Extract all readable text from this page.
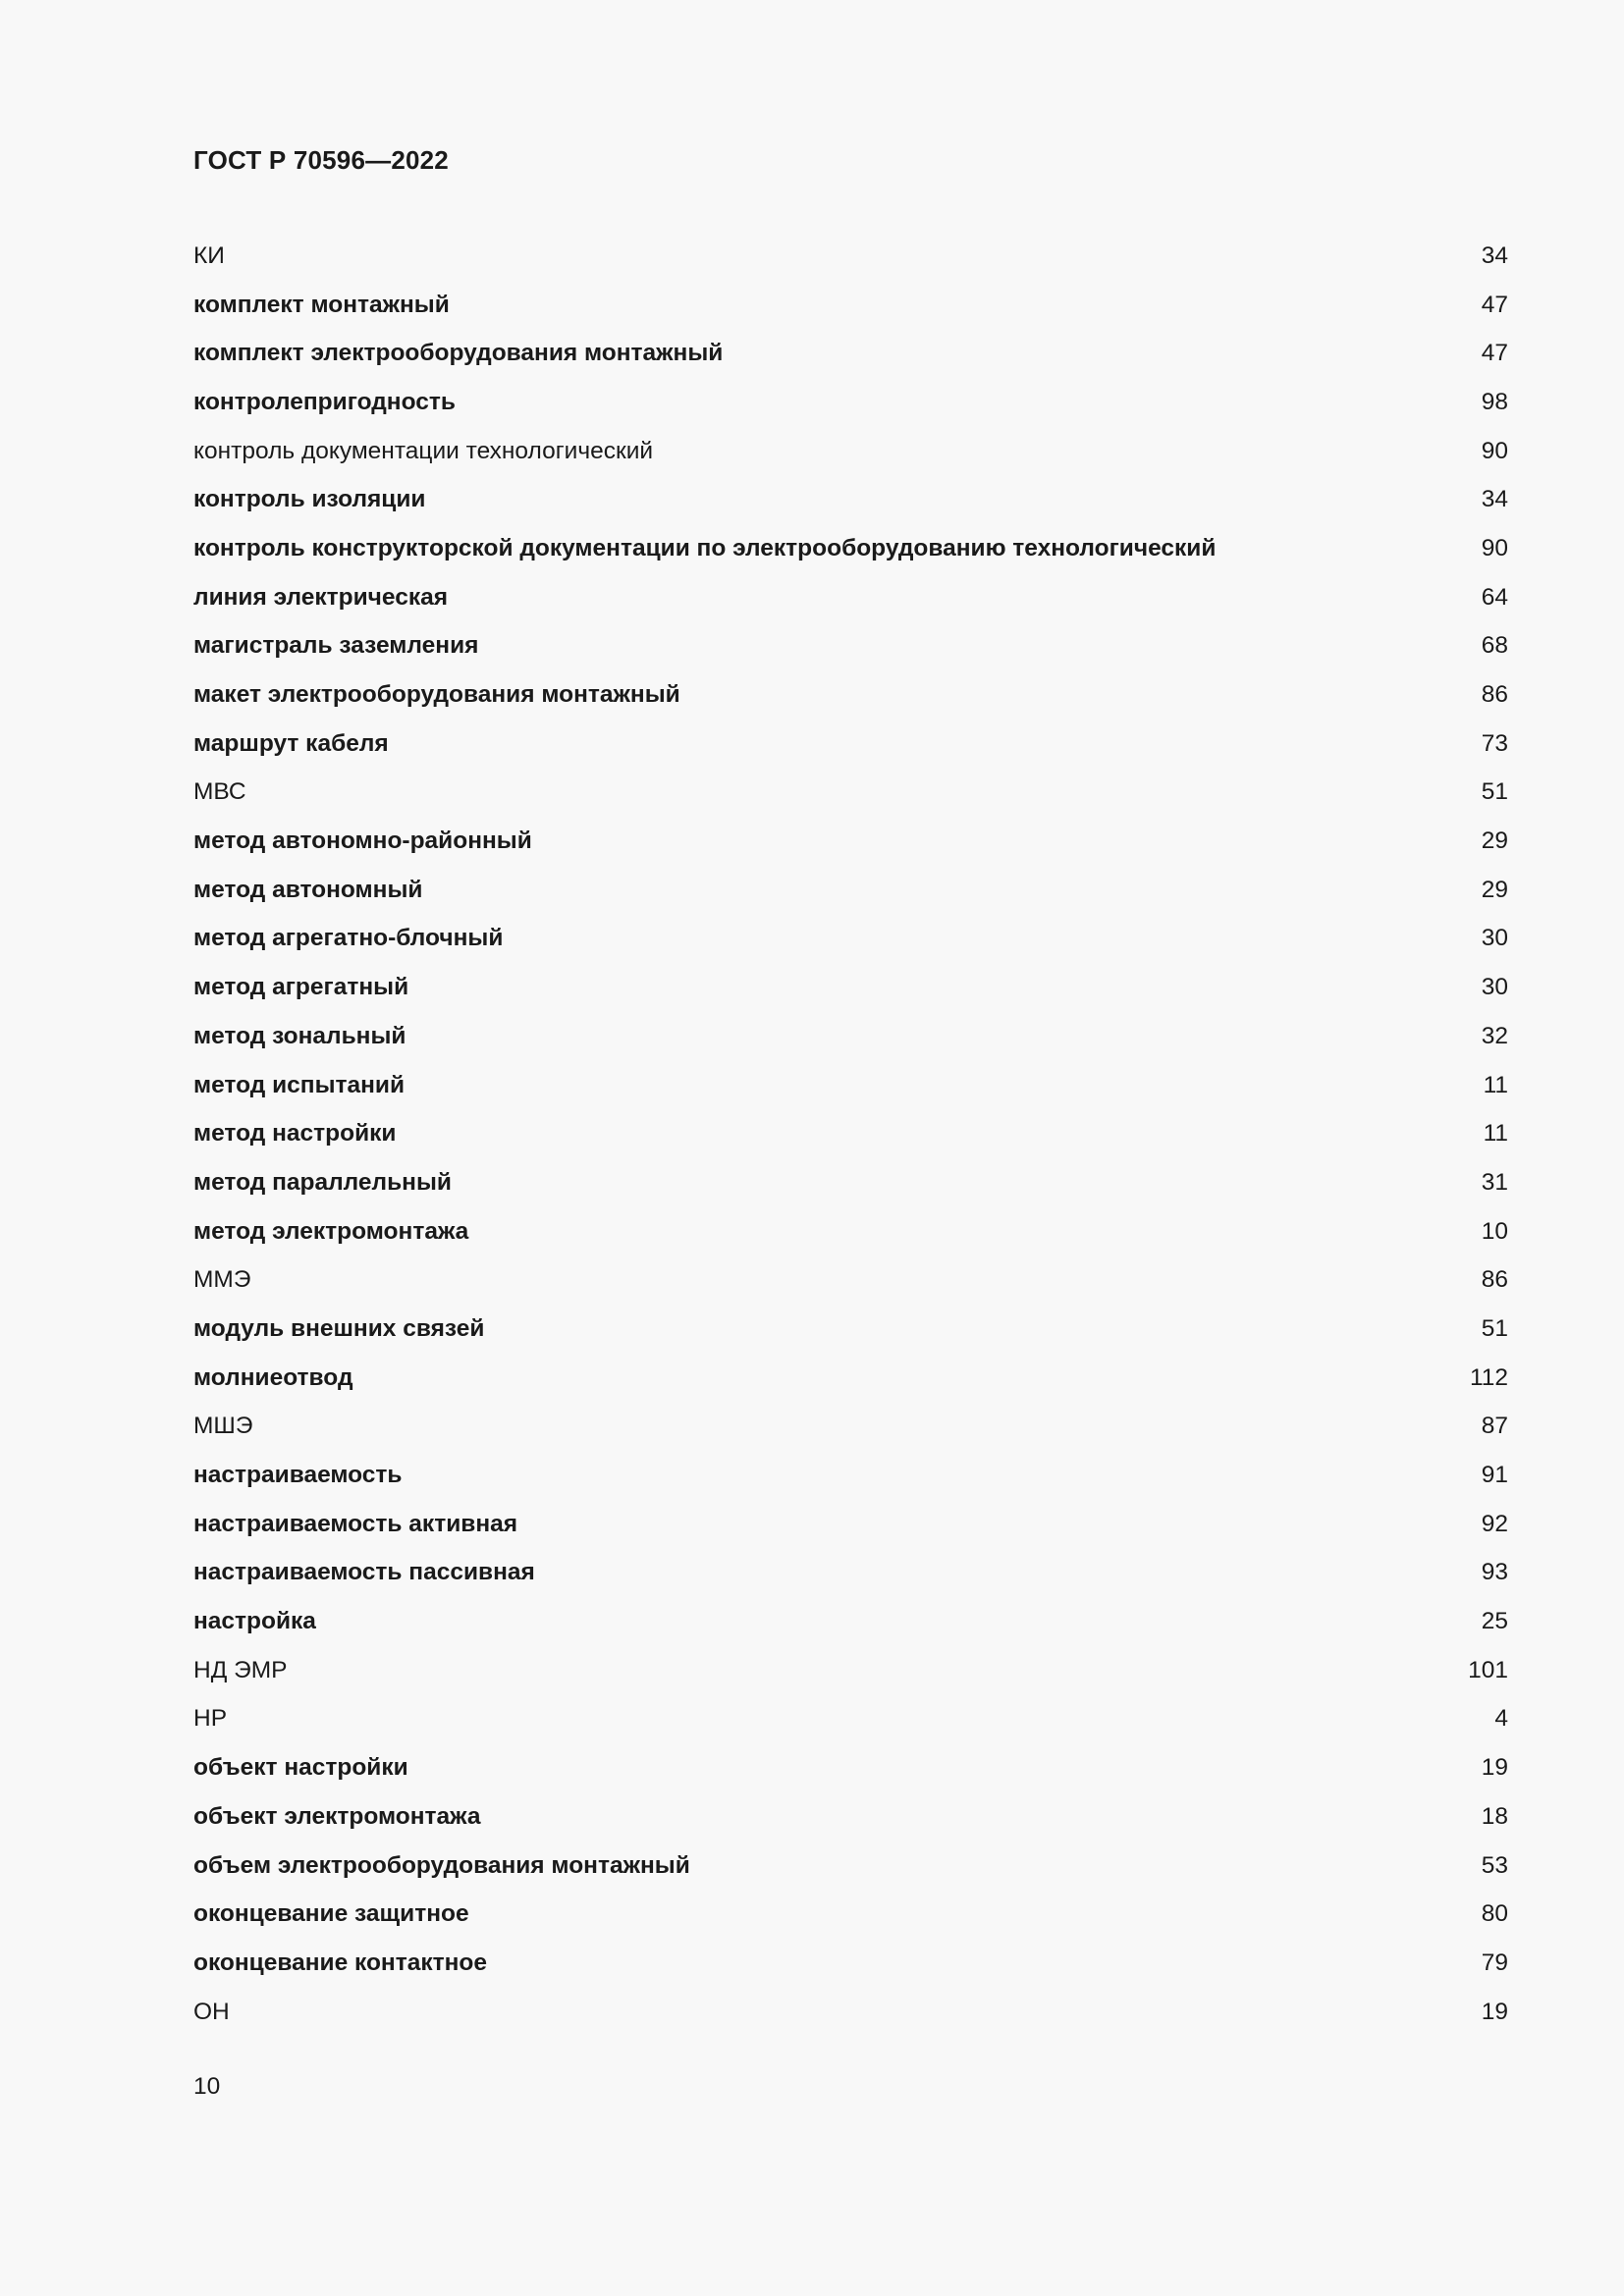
ГОСТ Р 70596—2022
КИ	34
комплект монтажный	47
комплект электрооборудования монтажный	47
контролепригодность	98
контроль документации технологический	90
контроль изоляции	34
контроль конструкторской документации по электрооборудованию технологический	90
линия электрическая	64
магистраль заземления	68
макет электрооборудования монтажный	86
маршрут кабеля	73
МВС	51
метод автономно-районный	29
метод автономный	29
метод агрегатно-блочный	30
метод агрегатный	30
метод зональный	32
метод испытаний	11
метод настройки	11
метод параллельный	31
метод электромонтажа	10
ММЭ	86
модуль внешних связей	51
молниеотвод	112
МШЭ	87
настраиваемость	91
настраиваемость активная	92
настраиваемость пассивная	93
настройка	25
НД ЭМР	101
НР	4
объект настройки	19
объект электромонтажа	18
объем электрооборудования монтажный	53
оконцевание защитное	80
оконцевание контактное	79
ОН	19
10
